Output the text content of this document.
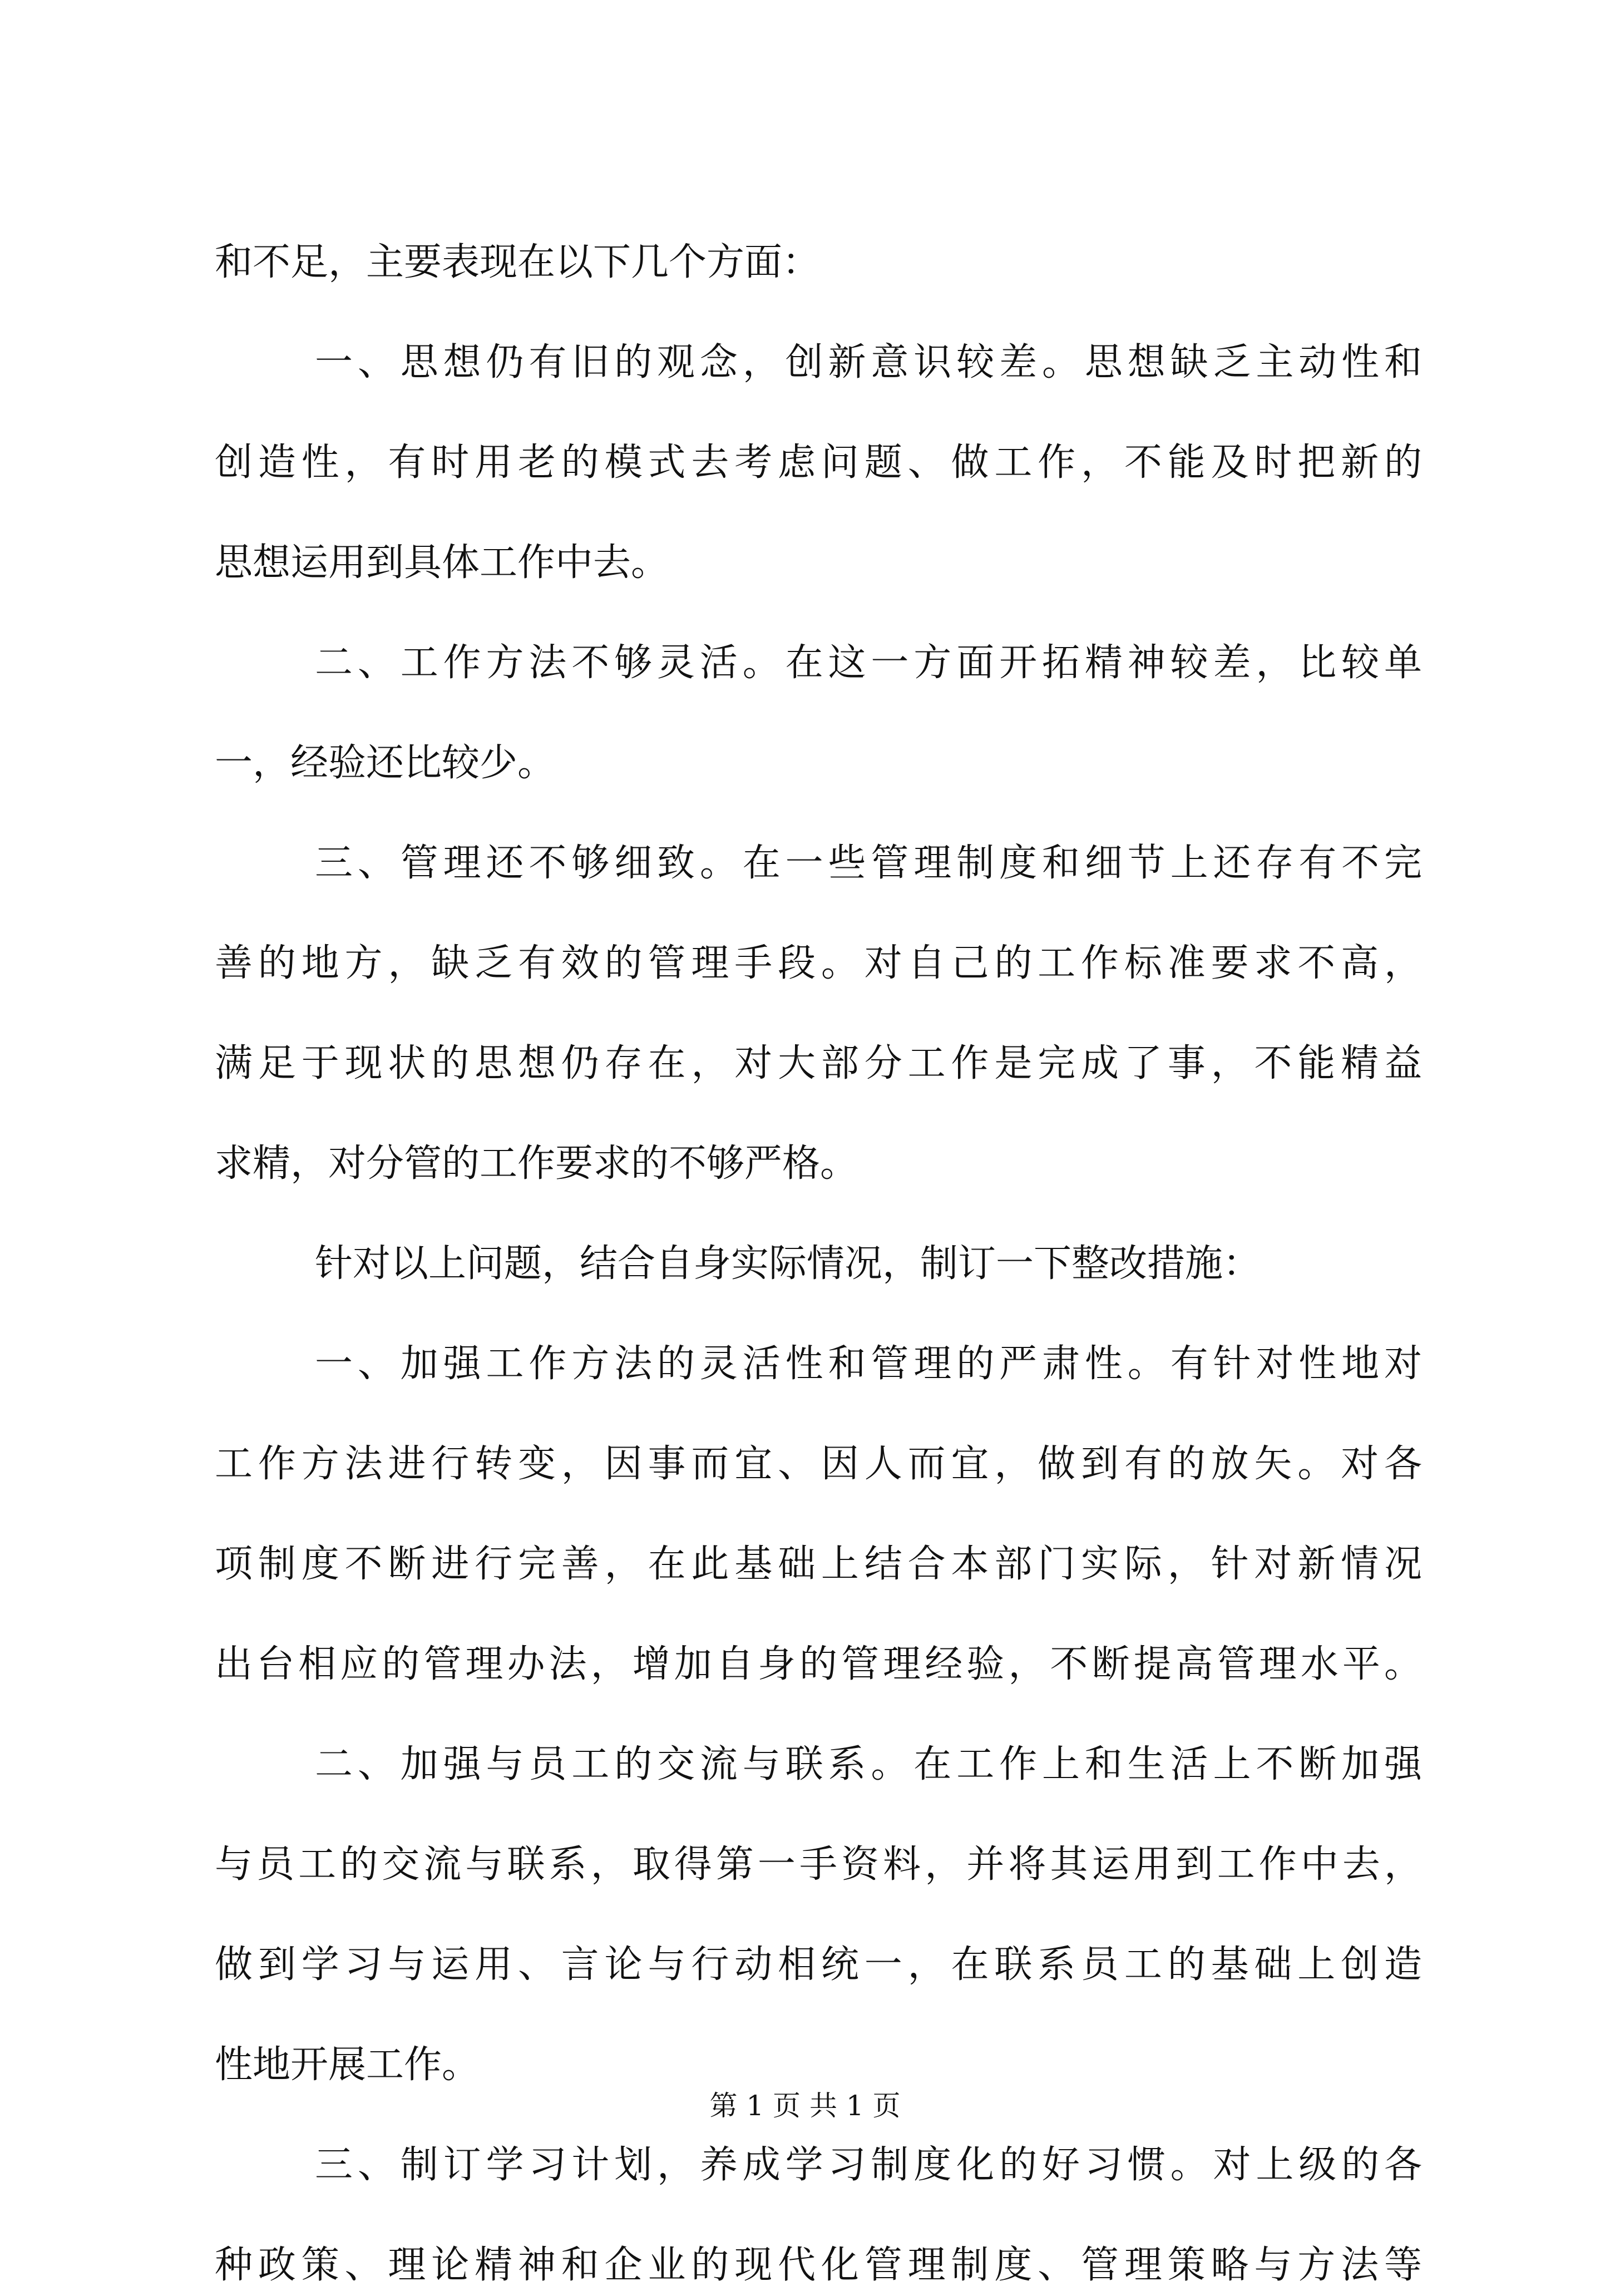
和不足，主要表现在以下几个方面：
一、思想仍有旧的观念，创新意识较差。思想缺乏主动性和
创造性，有时用老的模式去考虑问题、做工作，不能及时把新的
思想运用到具体工作中去。
二、工作方法不够灵活。在这一方面开拓精神较差，比较单
一，经验还比较少。
三、管理还不够细致。在一些管理制度和细节上还存有不完
善的地方，缺乏有效的管理手段。对自己的工作标准要求不高，
满足于现状的思想仍存在，对大部分工作是完成了事，不能精益
求精，对分管的工作要求的不够严格。
针对以上问题，结合自身实际情况，制订一下整改措施：
一、加强工作方法的灵活性和管理的严肃性。有针对性地对
工作方法进行转变，因事而宜、因人而宜，做到有的放矢。对各
项制度不断进行完善，在此基础上结合本部门实际，针对新情况
出台相应的管理办法，增加自身的管理经验，不断提高管理水平。
二、加强与员工的交流与联系。在工作上和生活上不断加强
与员工的交流与联系，取得第一手资料，并将其运用到工作中去，
做到学习与运用、言论与行动相统一，在联系员工的基础上创造
性地开展工作。
三、制订学习计划，养成学习制度化的好习惯。对上级的各
种政策、理论精神和企业的现代化管理制度、管理策略与方法等
第 1 页 共 1 页
